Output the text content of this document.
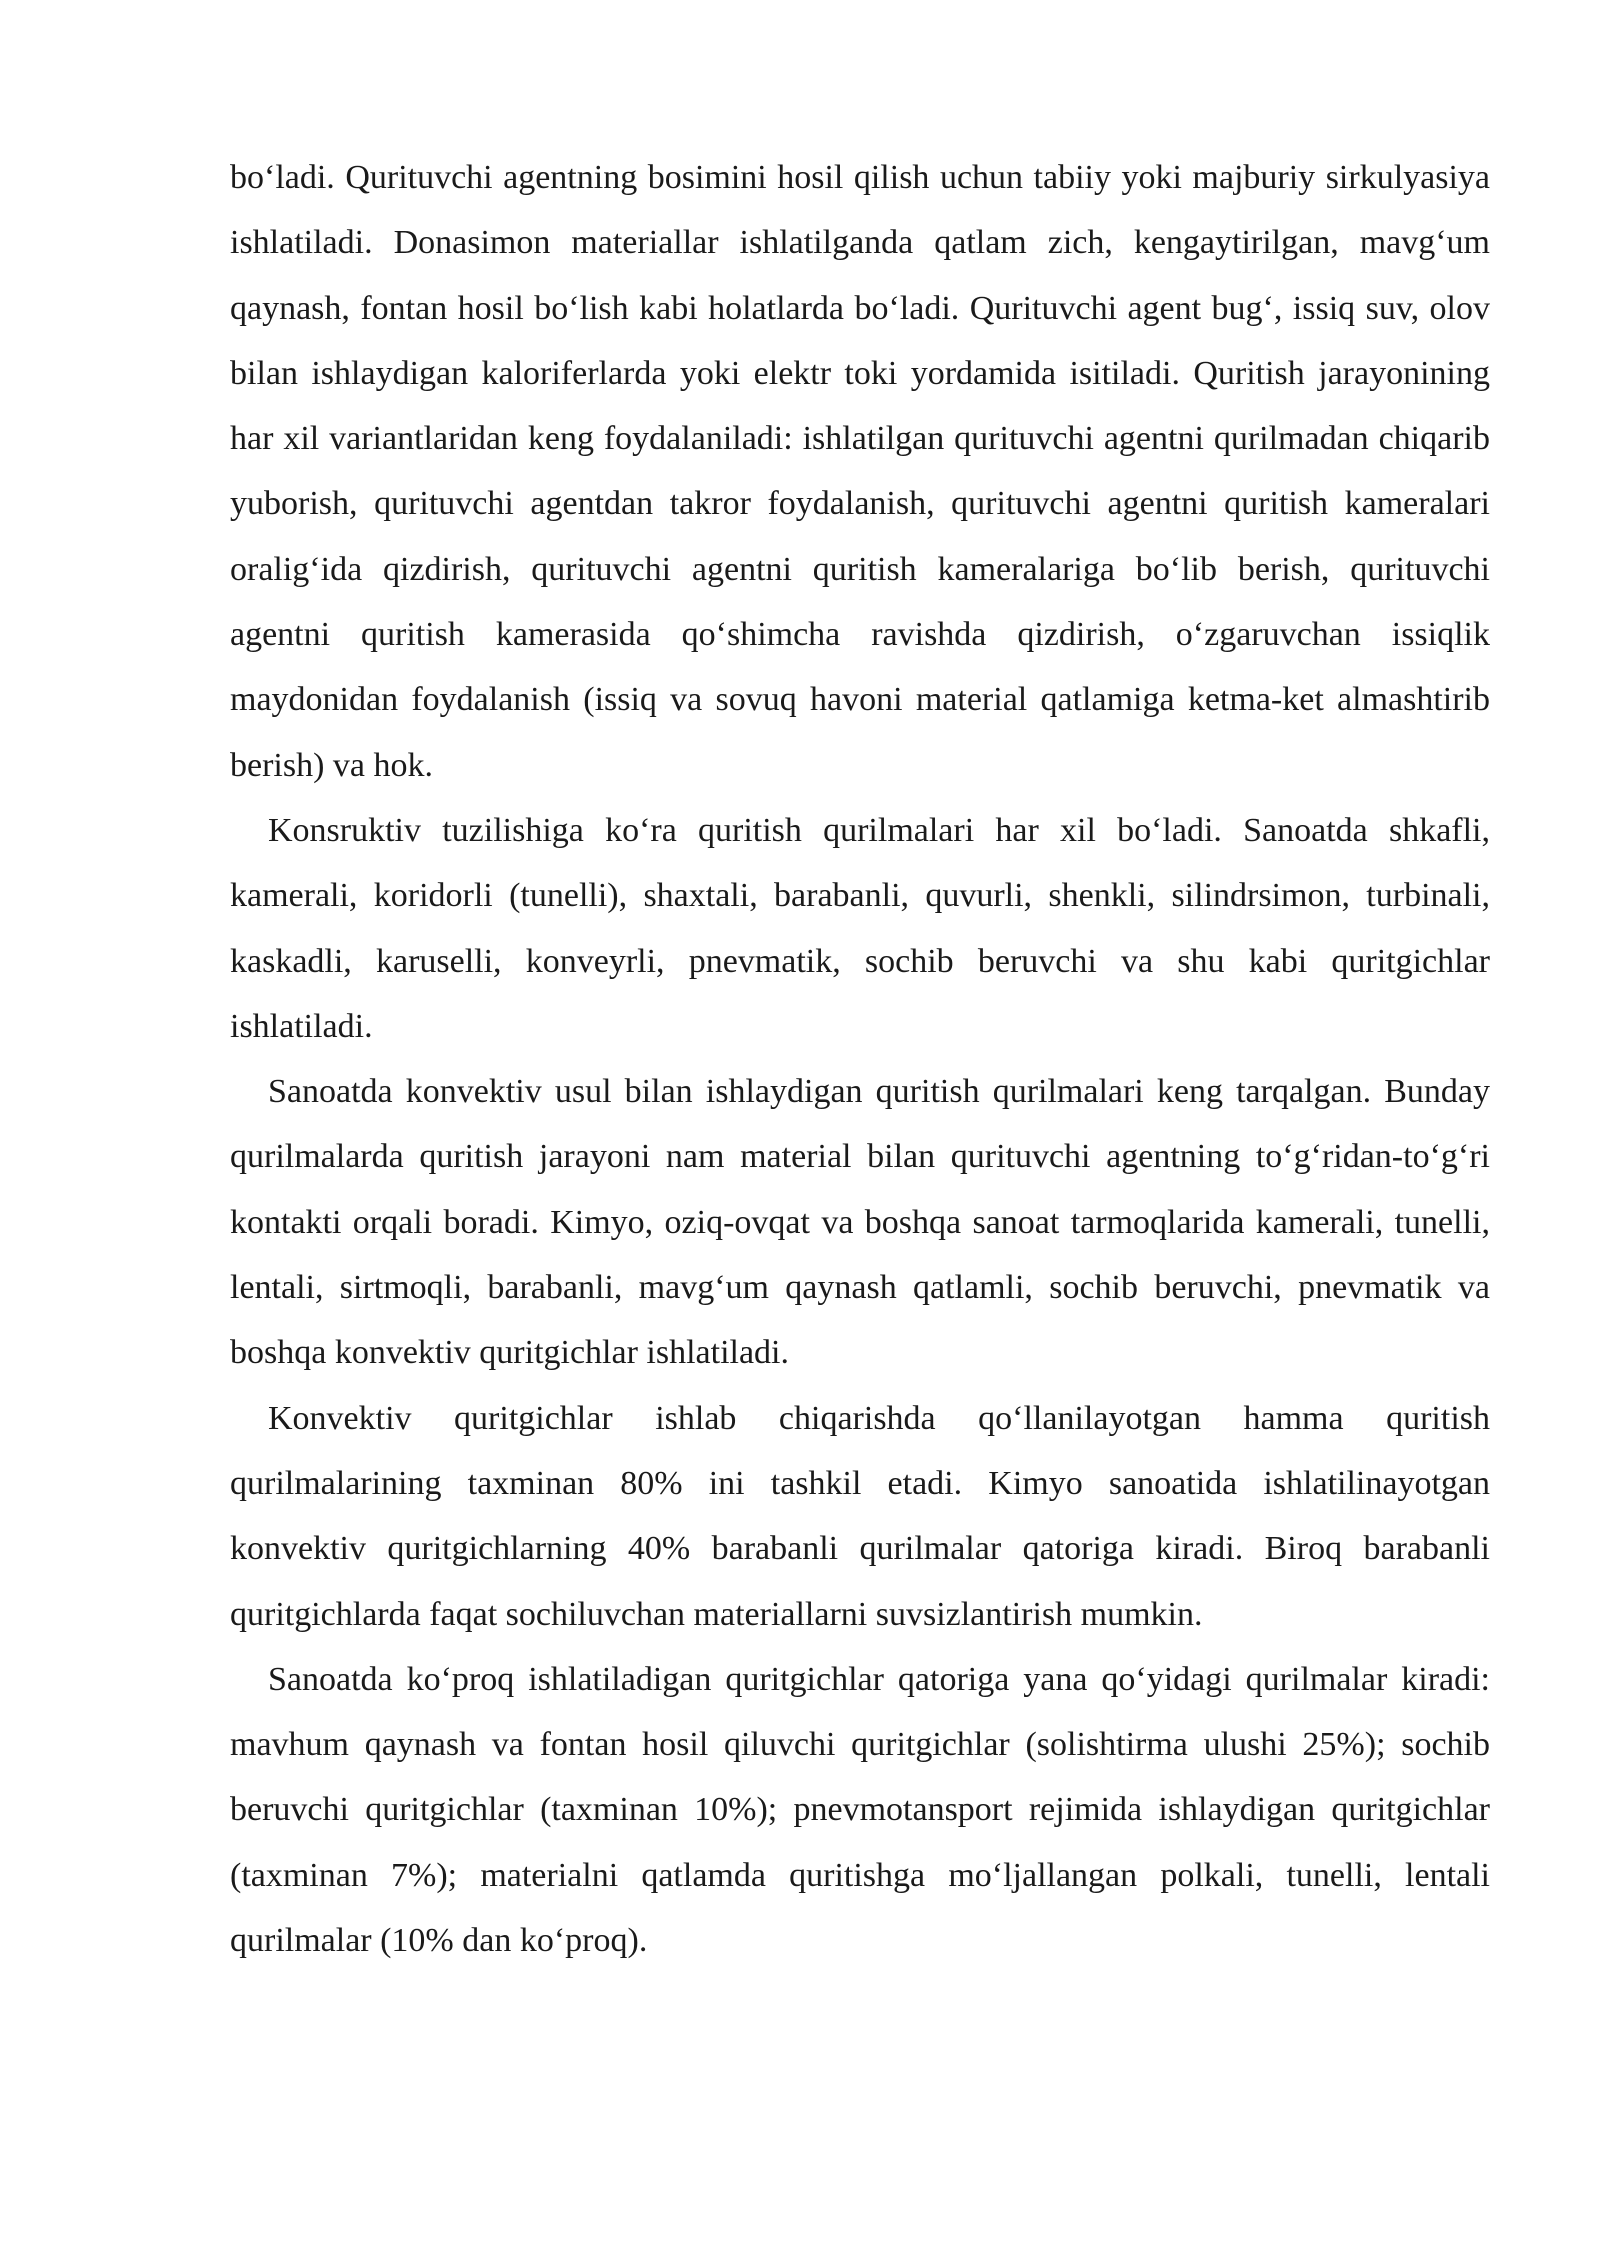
bo‘ladi. Qurituvchi agentning bosimini hosil qilish uchun tabiiy yoki majburiy sirkulyasiya ishlatiladi. Donasimon materiallar ishlatilganda qatlam zich, kengaytirilgan, mavg‘um qaynash, fontan hosil bo‘lish kabi holatlarda bo‘ladi. Qurituvchi agent bug‘, issiq suv, olov bilan ishlaydigan kaloriferlarda yoki elektr toki yordamida isitiladi. Quritish jarayonining har xil variantlaridan keng foydalaniladi: ishlatilgan qurituvchi agentni qurilmadan chiqarib yuborish, qurituvchi agentdan takror foydalanish, qurituvchi agentni quritish kameralari oralig‘ida qizdirish, qurituvchi agentni quritish kameralariga bo‘lib berish, qurituvchi agentni quritish kamerasida qo‘shimcha ravishda qizdirish, o‘zgaruvchan issiqlik maydonidan foydalanish (issiq va sovuq havoni material qatlamiga ketma-ket almashtirib berish) va hok.

Konsruktiv tuzilishiga ko‘ra quritish qurilmalari har xil bo‘ladi. Sanoatda shkafli, kamerali, koridorli (tunelli), shaxtali, barabanli, quvurli, shenkli, silindrsimon, turbinali, kaskadli, karuselli, konveyrli, pnevmatik, sochib beruvchi va shu kabi quritgichlar ishlatiladi.

Sanoatda konvektiv usul bilan ishlaydigan quritish qurilmalari keng tarqalgan. Bunday qurilmalarda quritish jarayoni nam material bilan qurituvchi agentning to‘g‘ridan-to‘g‘ri kontakti orqali boradi. Kimyo, oziq-ovqat va boshqa sanoat tarmoqlarida kamerali, tunelli, lentali, sirtmoqli, barabanli, mavg‘um qaynash qatlamli, sochib beruvchi, pnevmatik va boshqa konvektiv quritgichlar ishlatiladi.

Konvektiv quritgichlar ishlab chiqarishda qo‘llanilayotgan hamma quritish qurilmalarining taxminan 80% ini tashkil etadi. Kimyo sanoatida ishlatilinayotgan konvektiv quritgichlarning 40% barabanli qurilmalar qatoriga kiradi. Biroq barabanli quritgichlarda faqat sochiluvchan materiallarni suvsizlantirish mumkin.

Sanoatda ko‘proq ishlatiladigan quritgichlar qatoriga yana qo‘yidagi qurilmalar kiradi: mavhum qaynash va fontan hosil qiluvchi quritgichlar (solishtirma ulushi 25%); sochib beruvchi quritgichlar (taxminan 10%); pnevmotansport rejimida ishlaydigan quritgichlar (taxminan 7%); materialni qatlamda quritishga mo‘ljallangan polkali, tunelli, lentali qurilmalar (10% dan ko‘proq).
